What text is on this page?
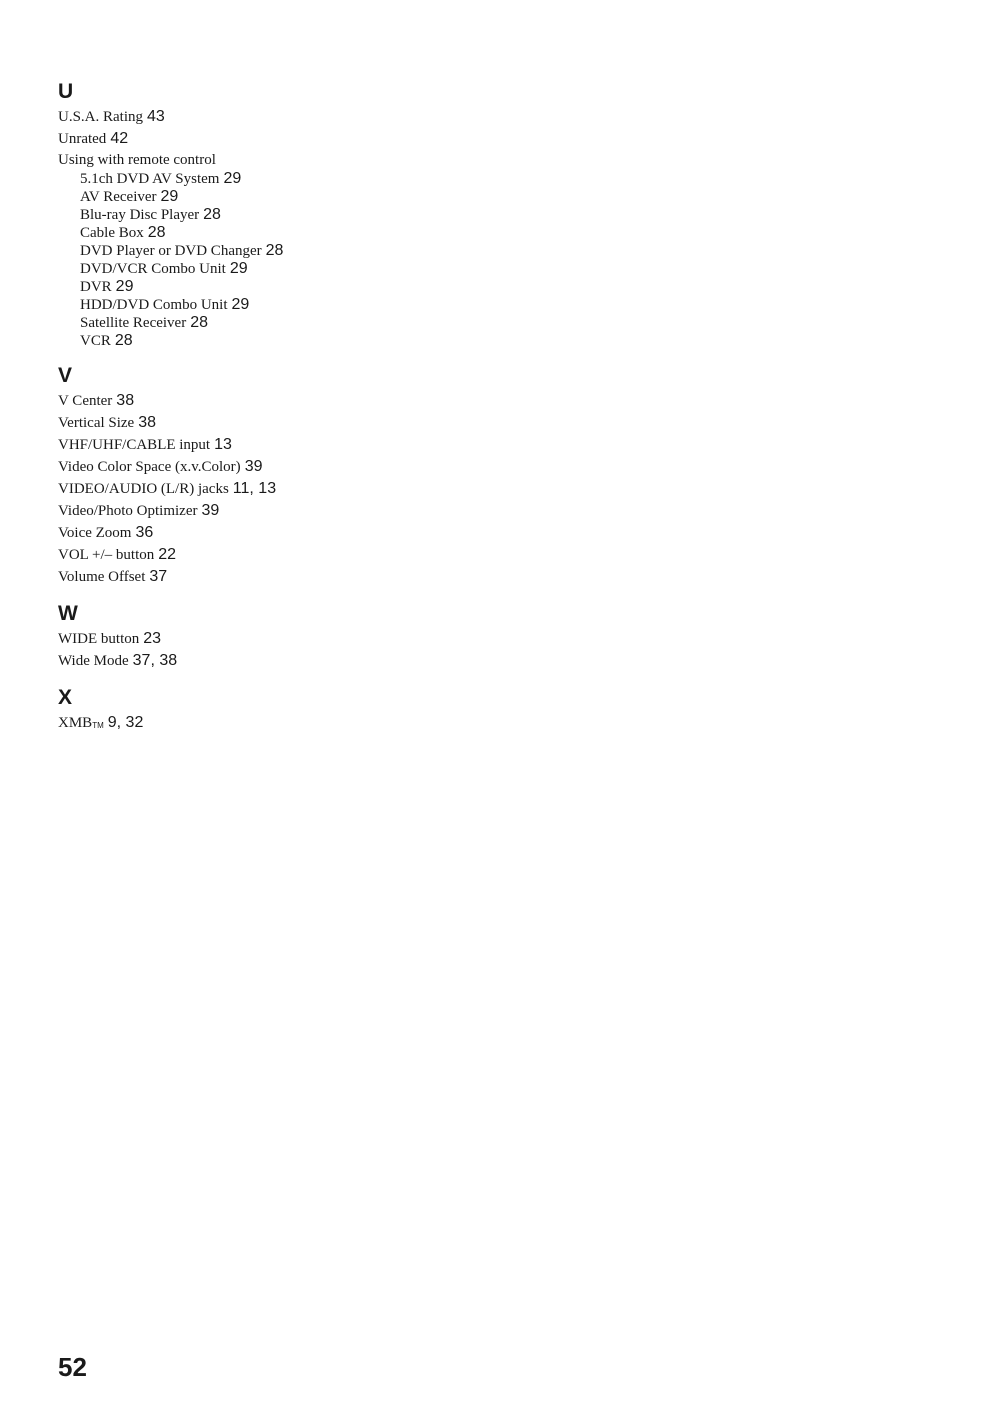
U
U.S.A. Rating 43
Unrated 42
Using with remote control
5.1ch DVD AV System 29
AV Receiver 29
Blu-ray Disc Player 28
Cable Box 28
DVD Player or DVD Changer 28
DVD/VCR Combo Unit 29
DVR 29
HDD/DVD Combo Unit 29
Satellite Receiver 28
VCR 28
V
V Center 38
Vertical Size 38
VHF/UHF/CABLE input 13
Video Color Space (x.v.Color) 39
VIDEO/AUDIO (L/R) jacks 11, 13
Video/Photo Optimizer 39
Voice Zoom 36
VOL +/– button 22
Volume Offset 37
W
WIDE button 23
Wide Mode 37, 38
X
XMBTM 9, 32
52
